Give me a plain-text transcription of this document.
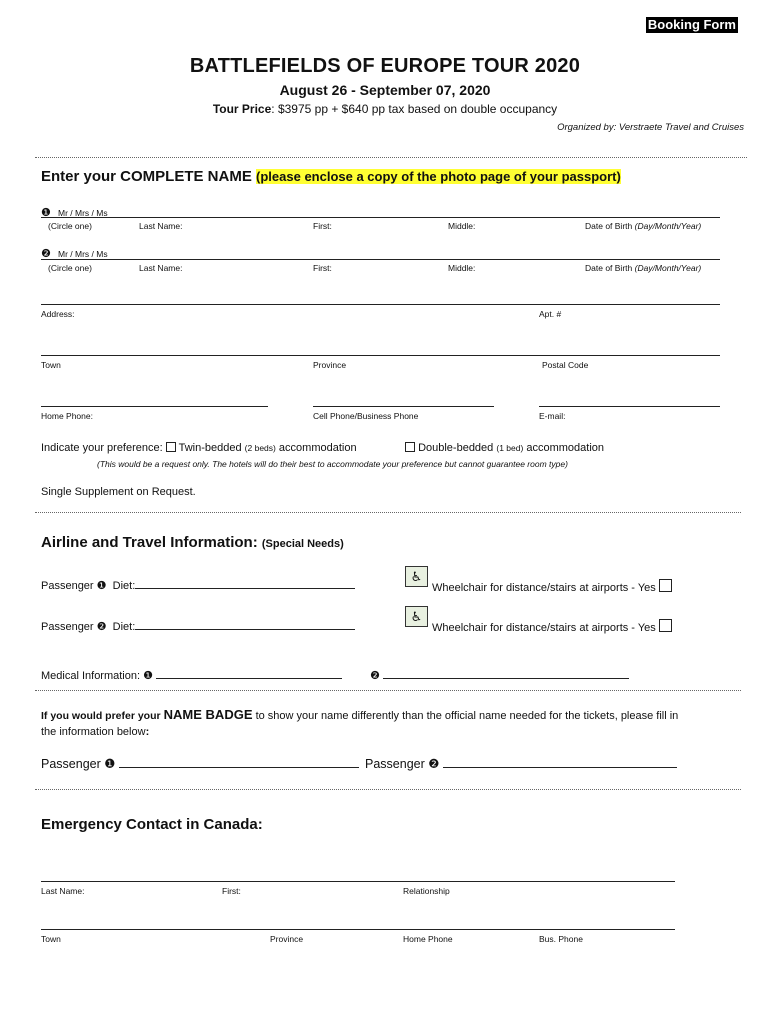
Booking Form
BATTLEFIELDS OF EUROPE TOUR 2020
August 26 - September 07, 2020
Tour Price: $3975 pp + $640 pp tax based on double occupancy
Organized by: Verstraete Travel and Cruises
Enter your COMPLETE NAME (please enclose a copy of the photo page of your passport)
❶ Mr / Mrs / Ms
(Circle one)	Last Name:	First:	Middle:	Date of Birth (Day/Month/Year)
❷ Mr / Mrs / Ms
(Circle one)	Last Name:	First:	Middle:	Date of Birth (Day/Month/Year)
Address:	Apt. #
Town	Province	Postal Code
Home Phone:	Cell Phone/Business Phone	E-mail:
Indicate your preference: Twin-bedded (2 beds) accommodation	Double-bedded (1 bed) accommodation
(This would be a request only. The hotels will do their best to accommodate your preference but cannot guarantee room type)
Single Supplement on Request.
Airline and Travel Information: (Special Needs)
Passenger ❶ Diet:
♿
Wheelchair for distance/stairs at airports - Yes
Passenger ❷ Diet:
♿
Wheelchair for distance/stairs at airports - Yes
Medical Information: ❶	❷
If you would prefer your NAME BADGE to show your name differently than the official name needed for the tickets, please fill in
the information below:
Passenger ❶	Passenger ❷
Emergency Contact in Canada:
Last Name:	First:	Relationship
Town	Province	Home Phone	Bus. Phone
